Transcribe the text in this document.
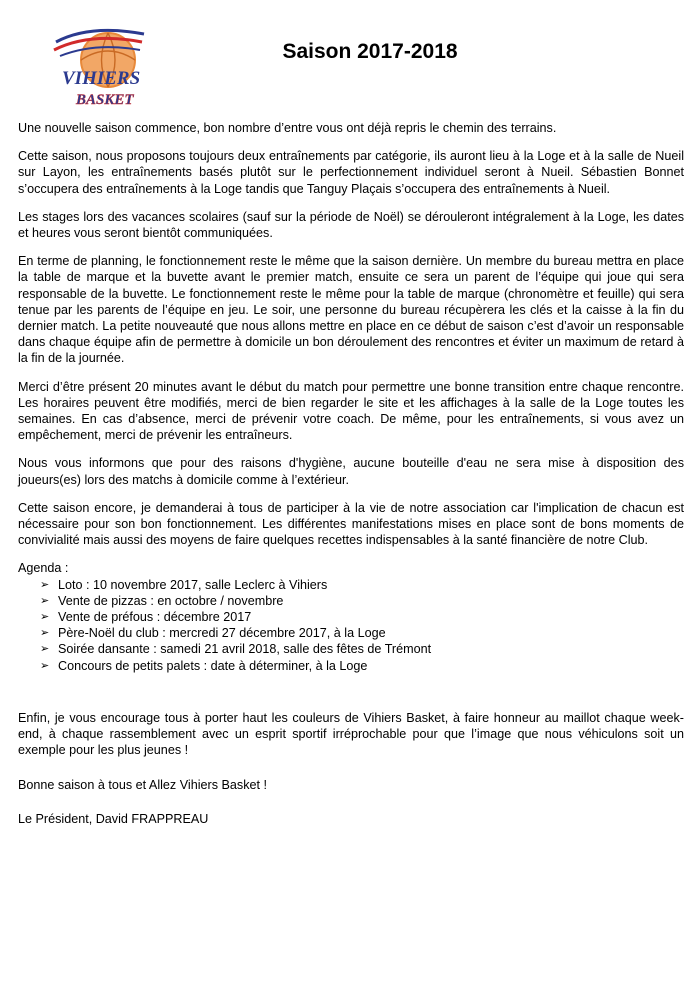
VIHIERS
BASKET
Saison 2017-2018

Une nouvelle saison commence, bon nombre d’entre vous ont déjà repris le chemin des terrains.

Cette saison, nous proposons toujours deux entraînements par catégorie, ils auront lieu à la Loge et à la salle de Nueil sur Layon, les entraînements basés plutôt sur le perfectionnement individuel seront à Nueil. Sébastien Bonnet s’occupera des entraînements à la Loge tandis que Tanguy Plaçais s’occupera des entraînements à Nueil.

Les stages lors des vacances scolaires (sauf sur la période de Noël) se dérouleront intégralement à la Loge, les dates et heures vous seront bientôt communiquées.

En terme de planning, le fonctionnement reste le même que la saison dernière. Un membre du bureau mettra en place la table de marque et la buvette avant le premier match, ensuite ce sera un parent de l’équipe qui joue qui sera responsable de la buvette. Le fonctionnement reste le même pour la table de marque (chronomètre et feuille) qui sera tenue par les parents de l’équipe en jeu. Le soir, une personne du bureau récupèrera les clés et la caisse à la fin du dernier match. La petite nouveauté que nous allons mettre en place en ce début de saison c’est d’avoir un responsable dans chaque équipe afin de permettre à domicile un bon déroulement des rencontres et éviter un maximum de retard à la fin de la journée.

Merci d’être présent 20 minutes avant le début du match pour permettre une bonne transition entre chaque rencontre. Les horaires peuvent être modifiés, merci de bien regarder le site et les affichages à la salle de la Loge toutes les semaines. En cas d’absence, merci de prévenir votre coach. De même, pour les entraînements, si vous avez un empêchement, merci de prévenir les entraîneurs.

Nous vous informons que pour des raisons d'hygiène, aucune bouteille d'eau ne sera mise à disposition des joueurs(es) lors des matchs à domicile comme à l’extérieur.

Cette saison encore, je demanderai à tous de participer à la vie de notre association car l'implication de chacun est nécessaire pour son bon fonctionnement. Les différentes manifestations mises en place sont de bons moments de convivialité mais aussi des moyens de faire quelques recettes indispensables à la santé financière de notre Club.

Agenda :
➢ Loto : 10 novembre 2017, salle Leclerc à Vihiers
➢ Vente de pizzas : en octobre / novembre
➢ Vente de préfous : décembre 2017
➢ Père-Noël du club : mercredi 27 décembre 2017, à la Loge
➢ Soirée dansante : samedi 21 avril 2018, salle des fêtes de Trémont
➢ Concours de petits palets : date à déterminer, à la Loge

Enfin, je vous encourage tous à porter haut les couleurs de Vihiers Basket, à faire honneur au maillot chaque week-end, à chaque rassemblement avec un esprit sportif irréprochable pour que l’image que nous véhiculons soit un exemple pour les plus jeunes !

Bonne saison à tous et Allez Vihiers Basket !

Le Président, David FRAPPREAU
